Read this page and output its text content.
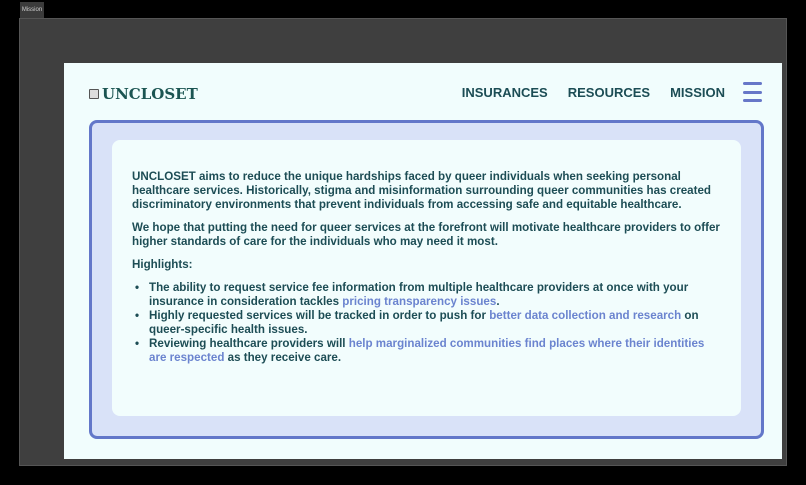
Mission
UNCLOSET	INSURANCES RESOURCES MISSION

UNCLOSET aims to reduce the unique hardships faced by queer individuals when seeking personal healthcare services. Historically, stigma and misinformation surrounding queer communities has created discriminatory environments that prevent individuals from accessing safe and equitable healthcare.

We hope that putting the need for queer services at the forefront will motivate healthcare providers to offer higher standards of care for the individuals who may need it most.

Highlights:

• The ability to request service fee information from multiple healthcare providers at once with your insurance in consideration tackles pricing transparency issues.
• Highly requested services will be tracked in order to push for better data collection and research on queer-specific health issues.
• Reviewing healthcare providers will help marginalized communities find places where their identities are respected as they receive care.
